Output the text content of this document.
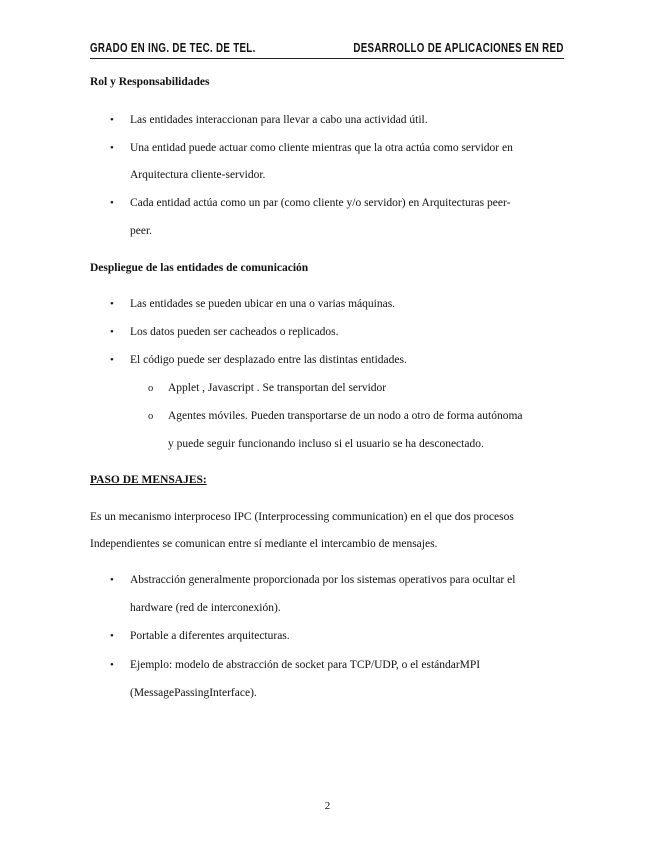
GRADO EN ING. DE TEC. DE TEL.	DESARROLLO DE APLICACIONES EN RED
Rol y Responsabilidades
• Las entidades interaccionan para llevar a cabo una actividad útil.
• Una entidad puede actuar como cliente mientras que la otra actúa como servidor en
Arquitectura cliente-servidor.
• Cada entidad actúa como un par (como cliente y/o servidor) en Arquitecturas peer-
peer.
Despliegue de las entidades de comunicación
• Las entidades se pueden ubicar en una o varias máquinas.
• Los datos pueden ser cacheados o replicados.
• El código puede ser desplazado entre las distintas entidades.
o Applet , Javascript . Se transportan del servidor
o Agentes móviles. Pueden transportarse de un nodo a otro de forma autónoma
y puede seguir funcionando incluso si el usuario se ha desconectado.
PASO DE MENSAJES:
Es un mecanismo interproceso IPC (Interprocessing communication) en el que dos procesos
Independientes se comunican entre sí mediante el intercambio de mensajes.
• Abstracción generalmente proporcionada por los sistemas operativos para ocultar el
hardware (red de interconexión).
• Portable a diferentes arquitecturas.
• Ejemplo: modelo de abstracción de socket para TCP/UDP, o el estándarMPI
(MessagePassingInterface).
2
